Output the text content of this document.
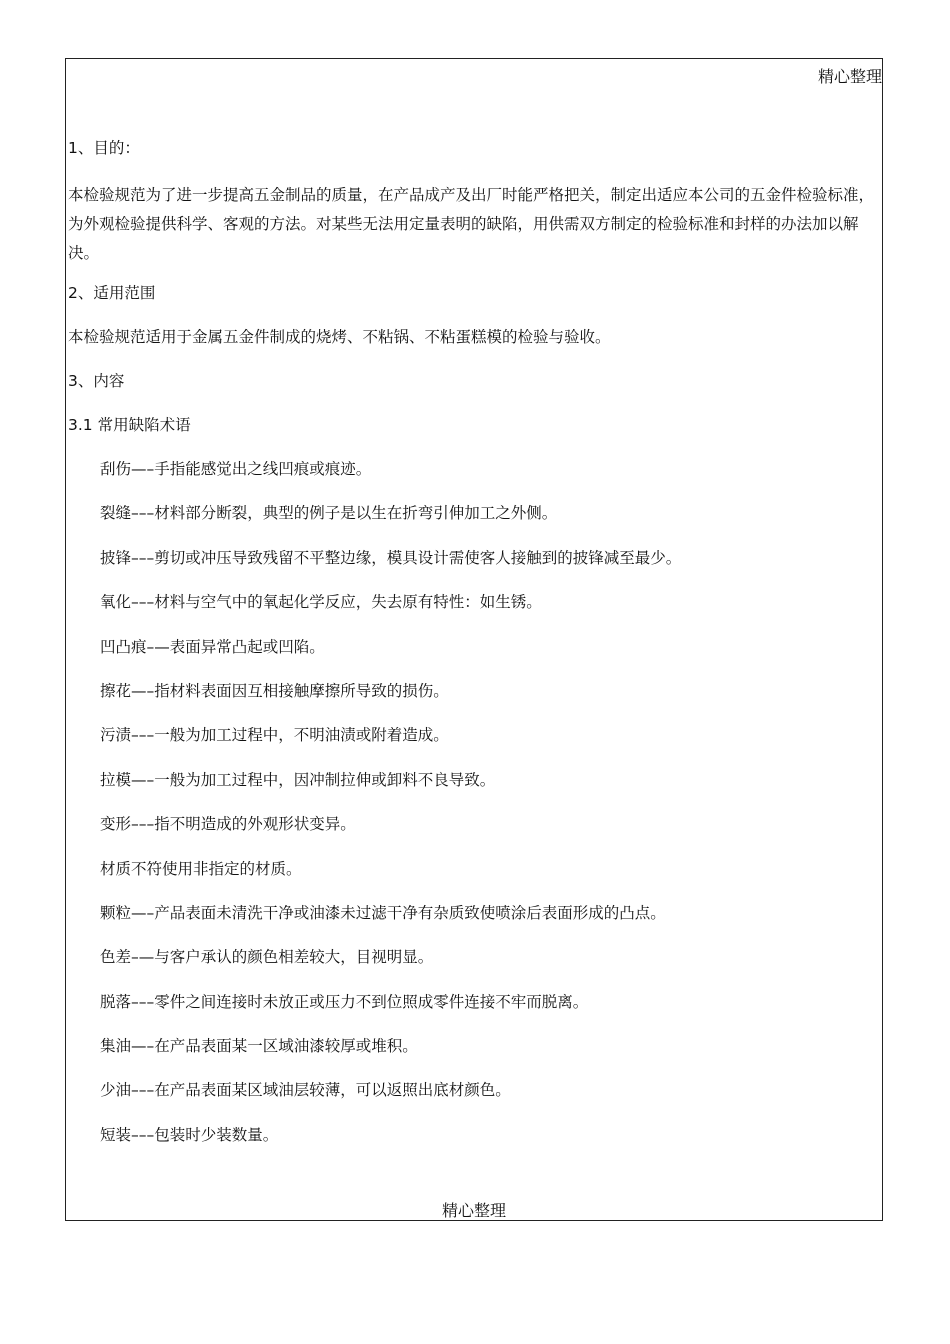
精心整理
1、目的：
本检验规范为了进一步提高五金制品的质量，在产品成产及出厂时能严格把关，制定出适应本公司的五金件检验标准，为外观检验提供科学、客观的方法。对某些无法用定量表明的缺陷，用供需双方制定的检验标准和封样的办法加以解决。
2、适用范围
本检验规范适用于金属五金件制成的烧烤、不粘锅、不粘蛋糕模的检验与验收。
3、内容
3.1 常用缺陷术语
刮伤—–手指能感觉出之线凹痕或痕迹。
裂缝–––材料部分断裂，典型的例子是以生在折弯引伸加工之外侧。
披锋–––剪切或冲压导致残留不平整边缘，模具设计需使客人接触到的披锋减至最少。
氧化–––材料与空气中的氧起化学反应，失去原有特性：如生锈。
凹凸痕–—表面异常凸起或凹陷。
擦花—–指材料表面因互相接触摩擦所导致的损伤。
污渍–––一般为加工过程中，不明油渍或附着造成。
拉模—–一般为加工过程中，因冲制拉伸或卸料不良导致。
变形–––指不明造成的外观形状变异。
材质不符使用非指定的材质。
颗粒—–产品表面未清洗干净或油漆未过滤干净有杂质致使喷涂后表面形成的凸点。
色差–—与客户承认的颜色相差较大，目视明显。
脱落–––零件之间连接时未放正或压力不到位照成零件连接不牢而脱离。
集油—–在产品表面某一区域油漆较厚或堆积。
少油–––在产品表面某区域油层较薄，可以返照出底材颜色。
短装–––包装时少装数量。
精心整理
